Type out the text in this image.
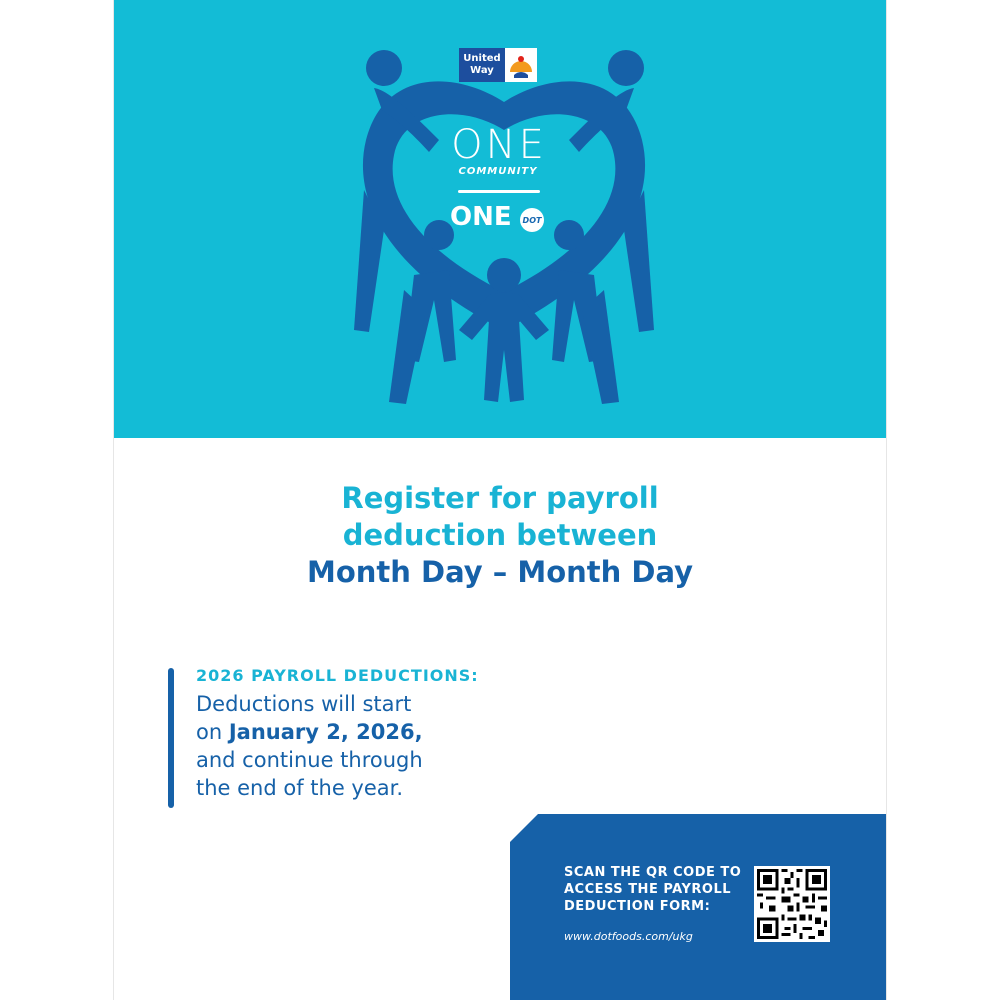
United
Way
ONE
COMMUNITY
ONE	DOT
Register for payroll
deduction between
Month Day – Month Day
2026 PAYROLL DEDUCTIONS:
Deductions will start
on January 2, 2026,
and continue through
the end of the year.
SCAN THE QR CODE TO
ACCESS THE PAYROLL
DEDUCTION FORM:
www.dotfoods.com/ukg
